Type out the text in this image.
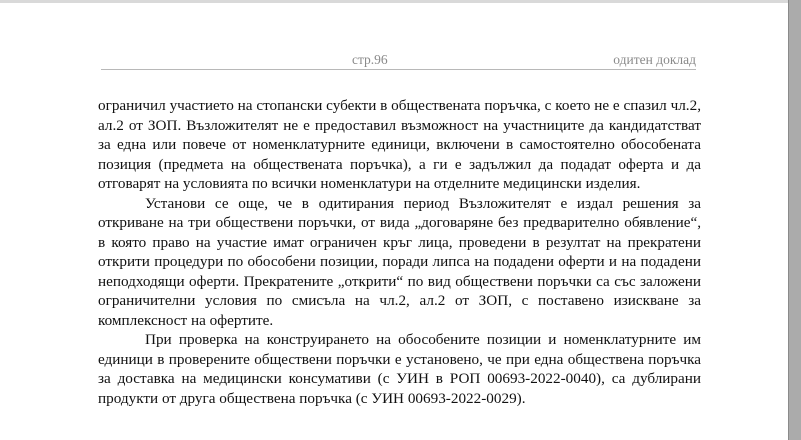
стр.96	одитен доклад

ограничил участието на стопански субекти в обществената поръчка, с което не е спазил чл.2, ал.2 от ЗОП. Възложителят не е предоставил възможност на участниците да кандидатстват за една или повече от номенклатурните единици, включени в самостоятелно обособената позиция (предмета на обществената поръчка), а ги е задължил да подадат оферта и да отговарят на условията по всички номенклатури на отделните медицински изделия.

Установи се още, че в одитирания период Възложителят е издал решения за откриване на три обществени поръчки, от вида „договаряне без предварително обявление“, в която право на участие имат ограничен кръг лица, проведени в резултат на прекратени открити процедури по обособени позиции, поради липса на подадени оферти и на подадени неподходящи оферти. Прекратените „открити“ по вид обществени поръчки са със заложени ограничителни условия по смисъла на чл.2, ал.2 от ЗОП, с поставено изискване за комплексност на офертите.

При проверка на конструирането на обособените позиции и номенклатурните им единици в проверените обществени поръчки е установено, че при една обществена поръчка за доставка на медицински консумативи (с УИН в РОП 00693-2022-0040), са дублирани продукти от друга обществена поръчка (с УИН 00693-2022-0029).
